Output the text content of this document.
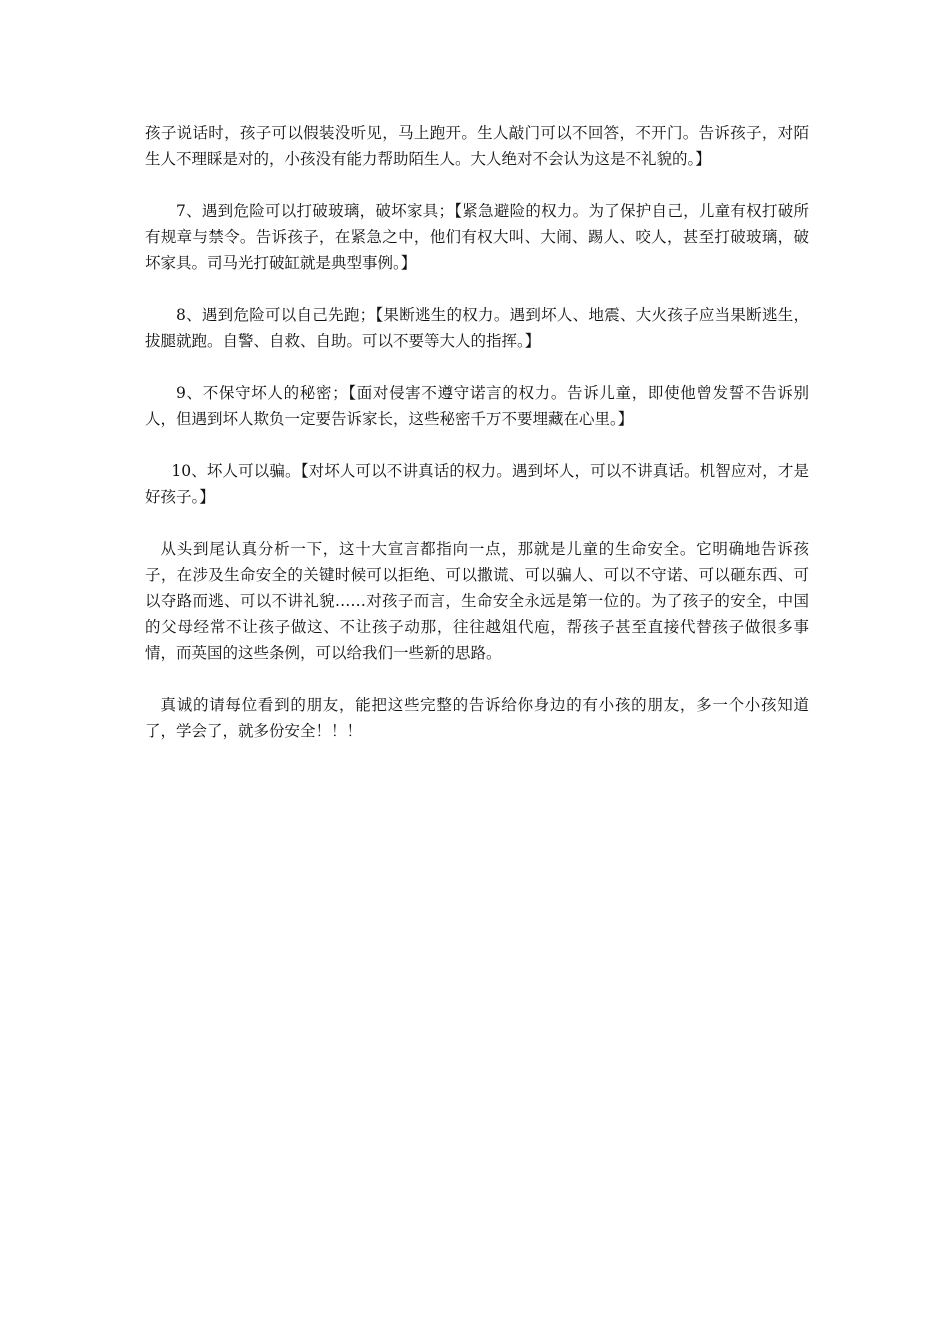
孩子说话时，孩子可以假装没听见，马上跑开。生人敲门可以不回答，不开门。告诉孩子，对陌生人不理睬是对的，小孩没有能力帮助陌生人。大人绝对不会认为这是不礼貌的。】

7、遇到危险可以打破玻璃，破坏家具；【紧急避险的权力。为了保护自己，儿童有权打破所有规章与禁令。告诉孩子，在紧急之中，他们有权大叫、大闹、踢人、咬人，甚至打破玻璃，破坏家具。司马光打破缸就是典型事例。】

8、遇到危险可以自己先跑；【果断逃生的权力。遇到坏人、地震、大火孩子应当果断逃生，拔腿就跑。自警、自救、自助。可以不要等大人的指挥。】

9、不保守坏人的秘密；【面对侵害不遵守诺言的权力。告诉儿童，即使他曾发誓不告诉别人，但遇到坏人欺负一定要告诉家长，这些秘密千万不要埋藏在心里。】

10、坏人可以骗。【对坏人可以不讲真话的权力。遇到坏人，可以不讲真话。机智应对，才是好孩子。】

从头到尾认真分析一下，这十大宣言都指向一点，那就是儿童的生命安全。它明确地告诉孩子，在涉及生命安全的关键时候可以拒绝、可以撒谎、可以骗人、可以不守诺、可以砸东西、可以夺路而逃、可以不讲礼貌……对孩子而言，生命安全永远是第一位的。为了孩子的安全，中国的父母经常不让孩子做这、不让孩子动那，往往越俎代庖，帮孩子甚至直接代替孩子做很多事情，而英国的这些条例，可以给我们一些新的思路。

真诚的请每位看到的朋友，能把这些完整的告诉给你身边的有小孩的朋友，多一个小孩知道了，学会了，就多份安全！！！
